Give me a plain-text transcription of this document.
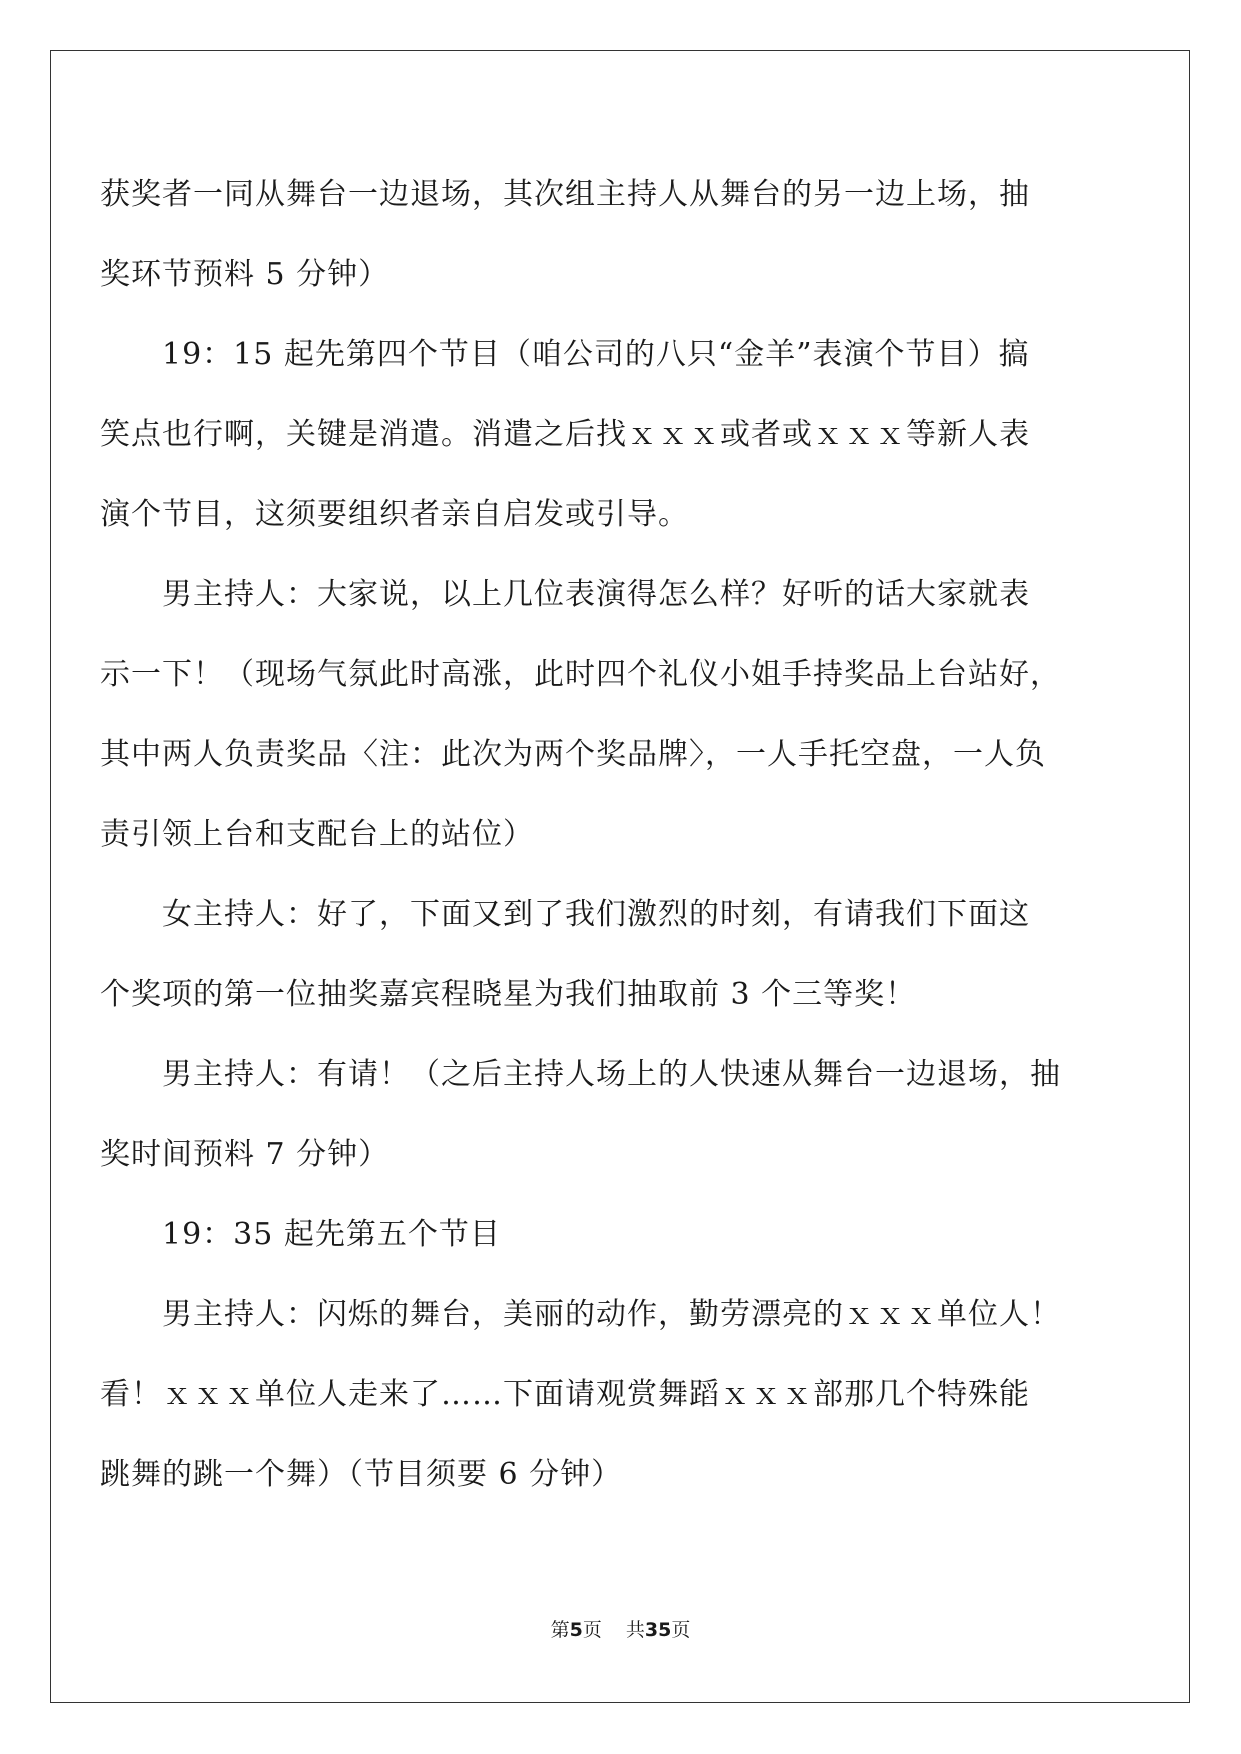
获奖者一同从舞台一边退场，其次组主持人从舞台的另一边上场，抽
奖环节预料 5 分钟）
19：15 起先第四个节目（咱公司的八只“金羊”表演个节目）搞
笑点也行啊，关键是消遣。消遣之后找ｘｘｘ或者或ｘｘｘ等新人表
演个节目，这须要组织者亲自启发或引导。
男主持人：大家说，以上几位表演得怎么样？好听的话大家就表
示一下！（现场气氛此时高涨，此时四个礼仪小姐手持奖品上台站好，
其中两人负责奖品〈注：此次为两个奖品牌〉，一人手托空盘，一人负
责引领上台和支配台上的站位）
女主持人：好了，下面又到了我们激烈的时刻，有请我们下面这
个奖项的第一位抽奖嘉宾程晓星为我们抽取前 3 个三等奖！
男主持人：有请！（之后主持人场上的人快速从舞台一边退场，抽
奖时间预料 7 分钟）
19：35 起先第五个节目
男主持人：闪烁的舞台，美丽的动作，勤劳漂亮的ｘｘｘ单位人！
看！ｘｘｘ单位人走来了……下面请观赏舞蹈ｘｘｘ部那几个特殊能
跳舞的跳一个舞）（节目须要 6 分钟）
第5页 共35页
